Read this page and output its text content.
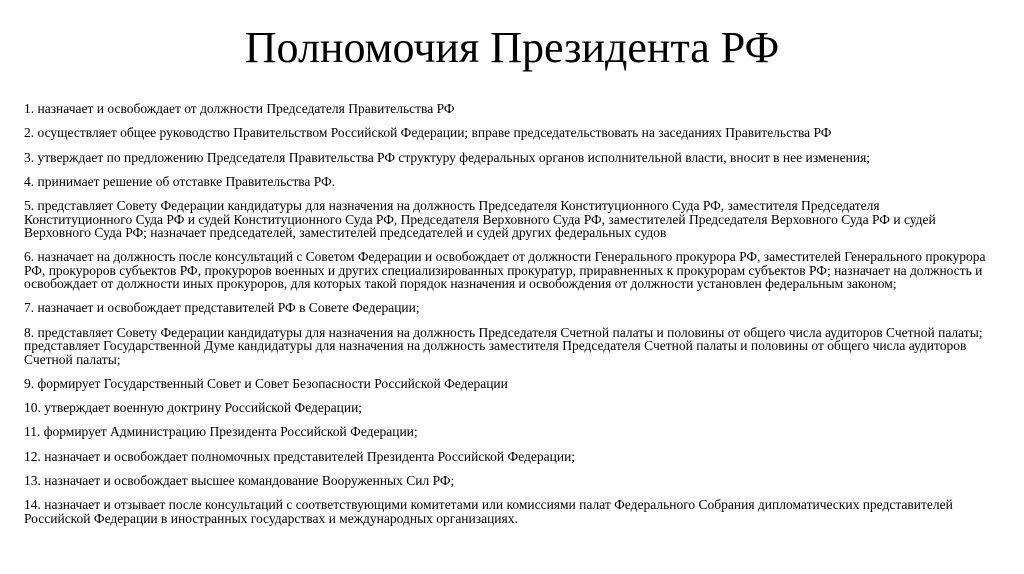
Полномочия Президента РФ
1. назначает и освобождает от должности Председателя Правительства РФ
2. осуществляет общее руководство Правительством Российской Федерации; вправе председательствовать на заседаниях Правительства РФ
3. утверждает по предложению Председателя Правительства РФ структуру федеральных органов исполнительной власти, вносит в нее изменения;
4. принимает решение об отставке Правительства РФ.
5. представляет Совету Федерации кандидатуры для назначения на должность Председателя Конституционного Суда РФ, заместителя Председателя Конституционного Суда РФ и судей Конституционного Суда РФ, Председателя Верховного Суда РФ, заместителей Председателя Верховного Суда РФ и судей Верховного Суда РФ; назначает председателей, заместителей председателей и судей других федеральных судов
6. назначает на должность после консультаций с Советом Федерации и освобождает от должности Генерального прокурора РФ, заместителей Генерального прокурора РФ, прокуроров субъектов РФ, прокуроров военных и других специализированных прокуратур, приравненных к прокурорам субъектов РФ; назначает на должность и освобождает от должности иных прокуроров, для которых такой порядок назначения и освобождения от должности установлен федеральным законом;
7. назначает и освобождает представителей РФ в Совете Федерации;
8. представляет Совету Федерации кандидатуры для назначения на должность Председателя Счетной палаты и половины от общего числа аудиторов Счетной палаты; представляет Государственной Думе кандидатуры для назначения на должность заместителя Председателя Счетной палаты и половины от общего числа аудиторов Счетной палаты;
9. формирует Государственный Совет и Совет Безопасности Российской Федерации
10. утверждает военную доктрину Российской Федерации;
11. формирует Администрацию Президента Российской Федерации;
12. назначает и освобождает полномочных представителей Президента Российской Федерации;
13. назначает и освобождает высшее командование Вооруженных Сил РФ;
14. назначает и отзывает после консультаций с соответствующими комитетами или комиссиями палат Федерального Собрания дипломатических представителей Российской Федерации в иностранных государствах и международных организациях.
